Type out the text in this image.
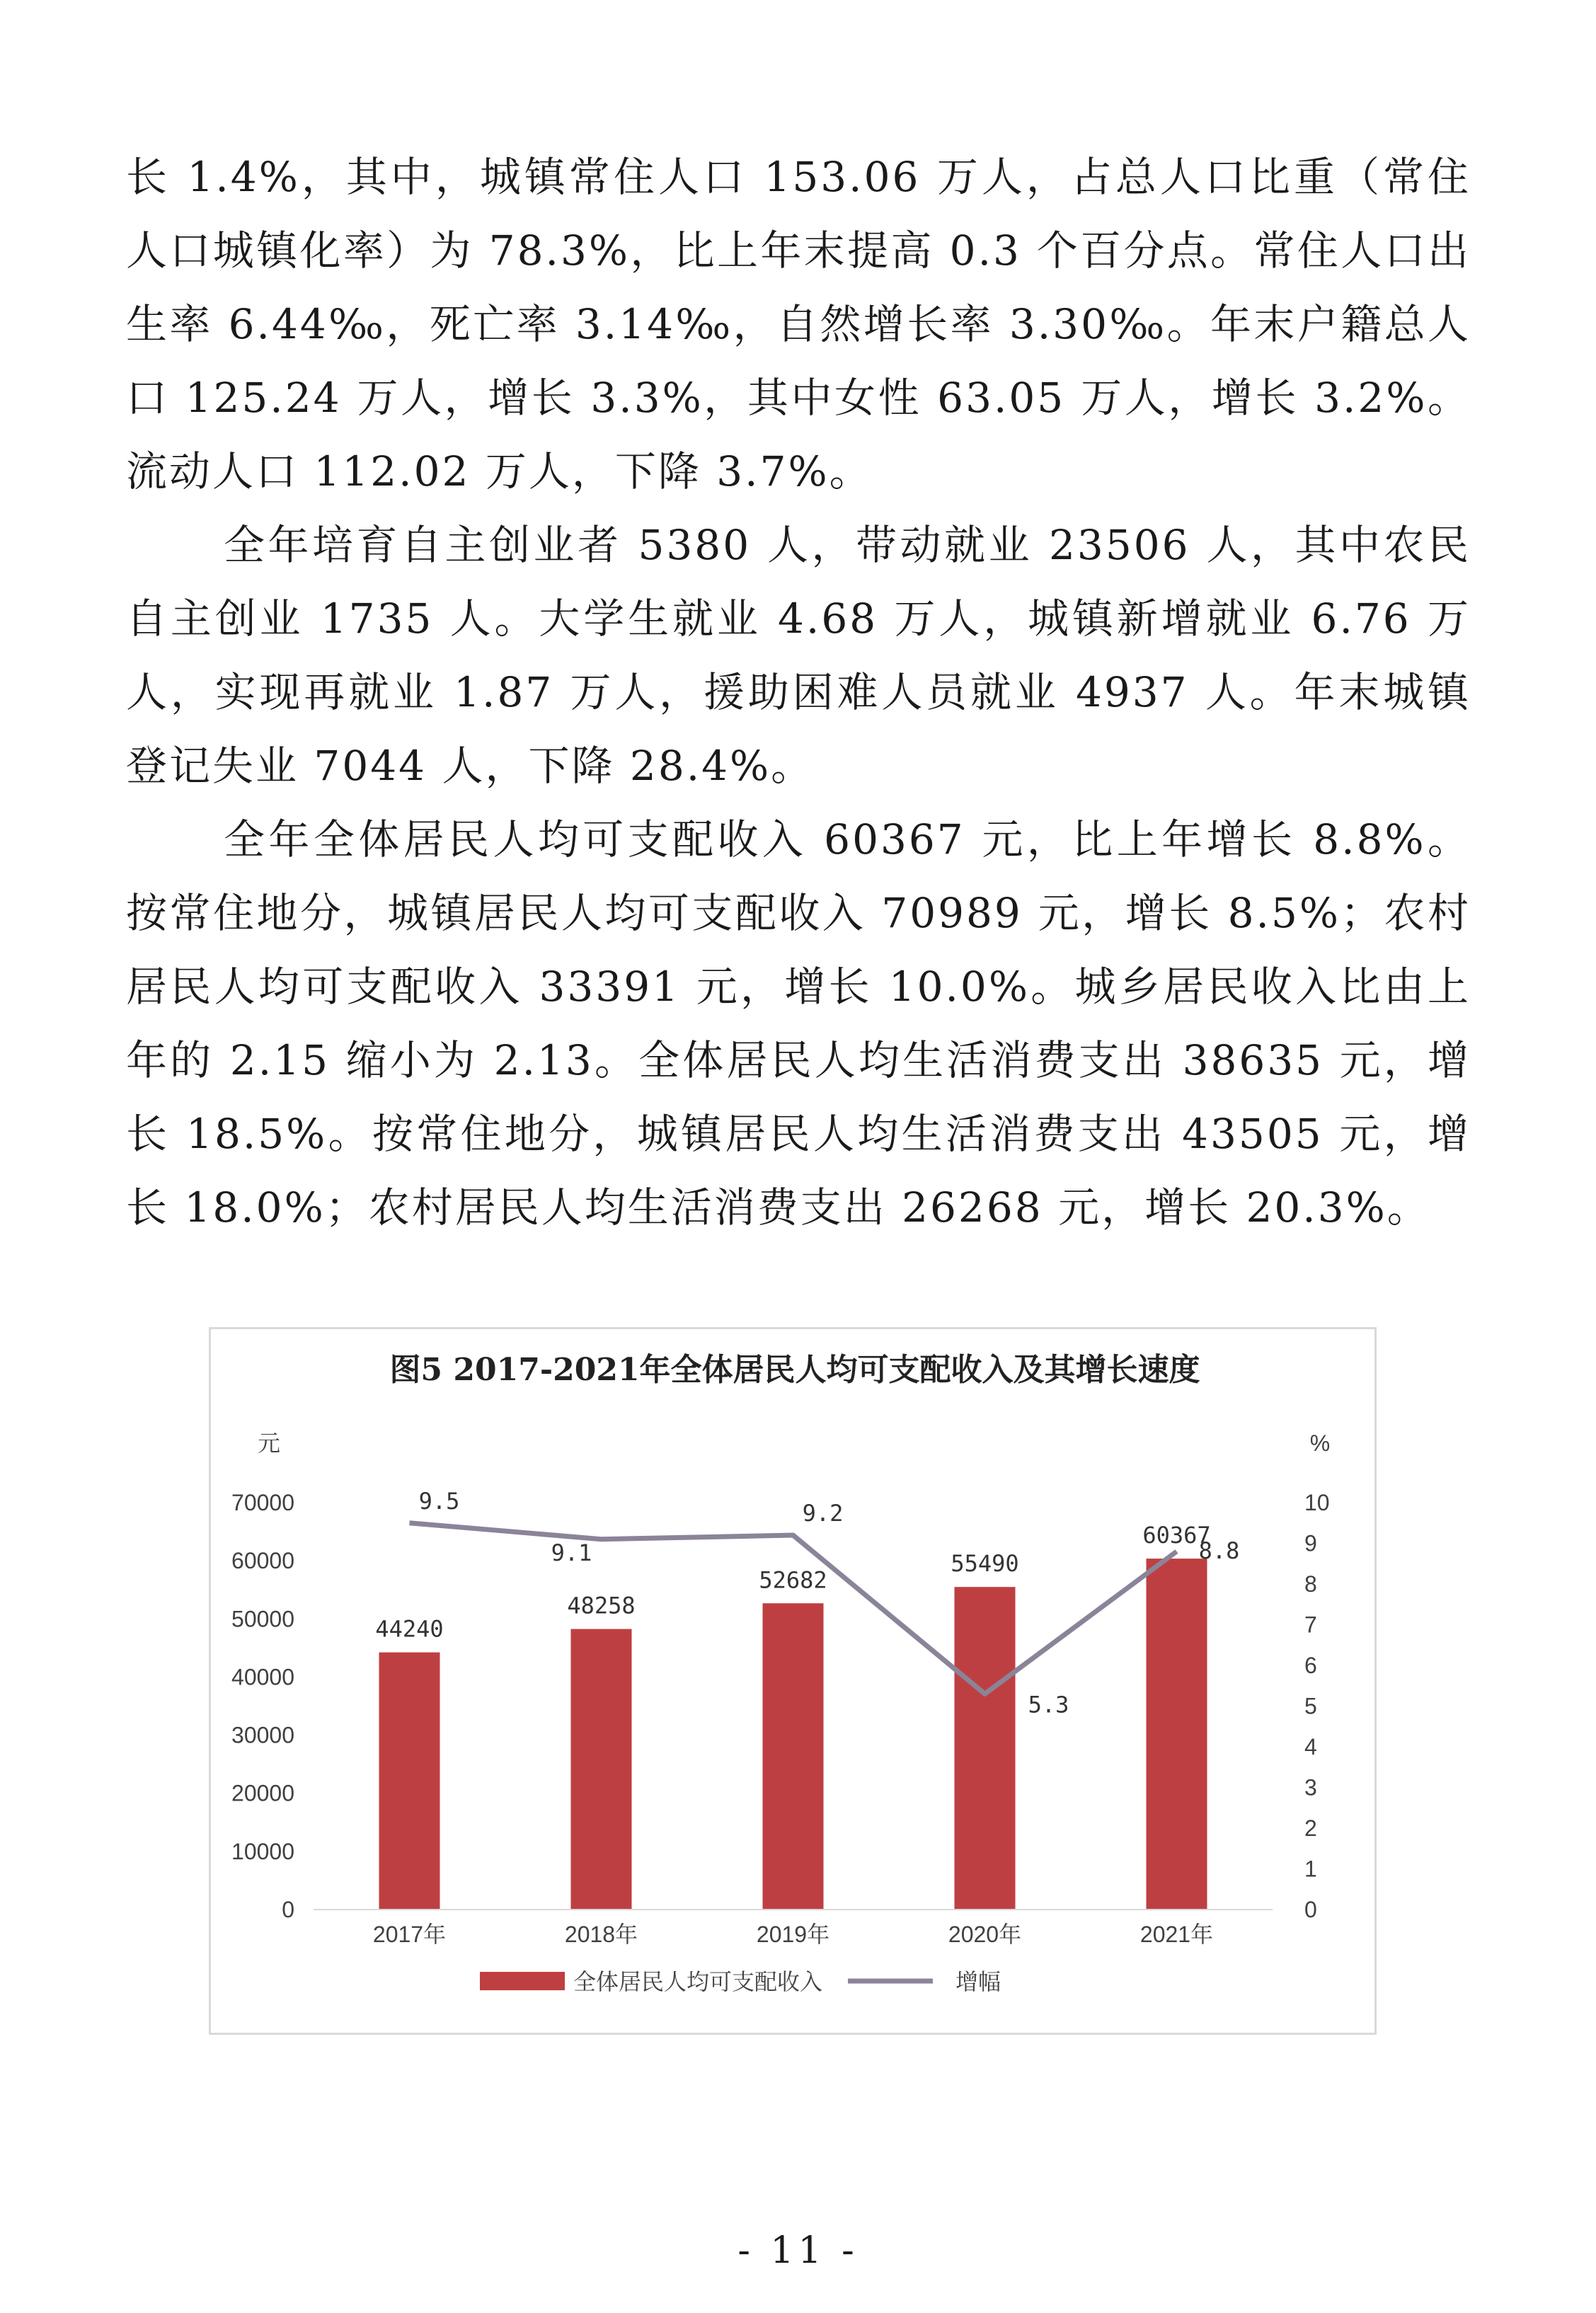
长 1.4%，其中，城镇常住人口 153.06 万人，占总人口比重（常住人口城镇化率）为 78.3%，比上年末提高 0.3 个百分点。常住人口出生率 6.44‰，死亡率 3.14‰，自然增长率 3.30‰。年末户籍总人口 125.24 万人，增长 3.3%，其中女性 63.05 万人，增长 3.2%。流动人口 112.02 万人，下降 3.7%。

全年培育自主创业者 5380 人，带动就业 23506 人，其中农民自主创业 1735 人。大学生就业 4.68 万人，城镇新增就业 6.76 万人，实现再就业 1.87 万人，援助困难人员就业 4937 人。年末城镇登记失业 7044 人，下降 28.4%。

全年全体居民人均可支配收入 60367 元，比上年增长 8.8%。按常住地分，城镇居民人均可支配收入 70989 元，增长 8.5%；农村居民人均可支配收入 33391 元，增长 10.0%。城乡居民收入比由上年的 2.15 缩小为 2.13。全体居民人均生活消费支出 38635 元，增长 18.5%。按常住地分，城镇居民人均生活消费支出 43505 元，增长 18.0%；农村居民人均生活消费支出 26268 元，增长 20.3%。

图5 2017-2021年全体居民人均可支配收入及其增长速度
元	%
44240
48258
52682
55490
60367
9.5
9.1
9.2
5.3
8.8
0
10000
20000
30000
40000
50000
60000
70000
0
1
2
3
4
5
6
7
8
9
10
2017年	2018年	2019年	2020年	2021年
全体居民人均可支配收入	增幅
- 11 -
